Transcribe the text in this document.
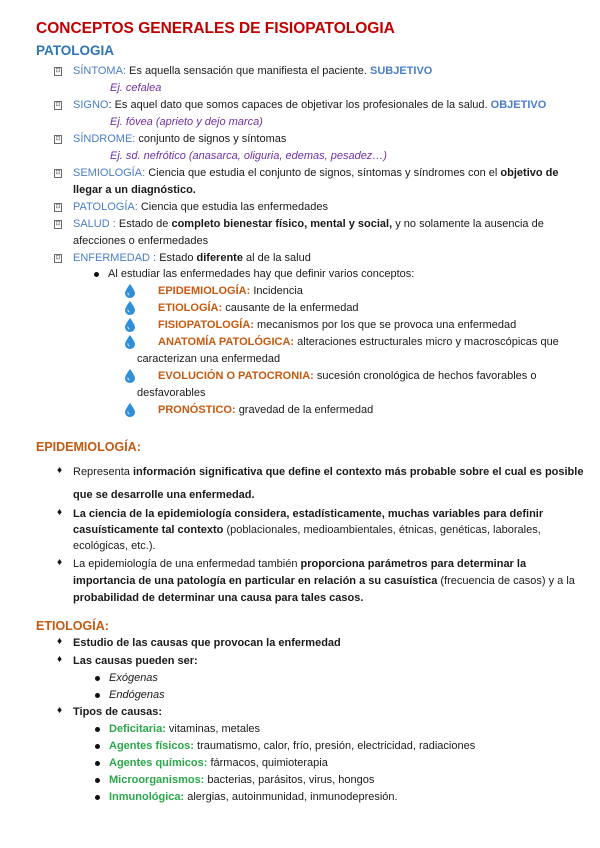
CONCEPTOS GENERALES DE FISIOPATOLOGIA
PATOLOGIA
⊡ SÍNTOMA: Es aquella sensación que manifiesta el paciente. SUBJETIVO
Ej. cefalea
⊡ SIGNO: Es aquel dato que somos capaces de objetivar los profesionales de la salud. OBJETIVO
Ej. fóvea (aprieto y dejo marca)
⊡ SÍNDROME: conjunto de signos y síntomas
Ej. sd. nefrótico (anasarca, oliguria, edemas, pesadez…)
⊡ SEMIOLOGÍA: Ciencia que estudia el conjunto de signos, síntomas y síndromes con el objetivo de
llegar a un diagnóstico.
⊡ PATOLOGÍA: Ciencia que estudia las enfermedades
⊡ SALUD : Estado de completo bienestar físico, mental y social, y no solamente la ausencia de
afecciones o enfermedades
⊡ ENFERMEDAD : Estado diferente al de la salud
Al estudiar las enfermedades hay que definir varios conceptos:
EPIDEMIOLOGÍA: Incidencia
ETIOLOGÍA: causante de la enfermedad
FISIOPATOLOGÍA: mecanismos por los que se provoca una enfermedad
ANATOMÍA PATOLÓGICA: alteraciones estructurales micro y macroscópicas que
caracterizan una enfermedad
EVOLUCIÓN O PATOCRONIA: sucesión cronológica de hechos favorables o
desfavorables
PRONÓSTICO: gravedad de la enfermedad
EPIDEMIOLOGÍA:
♦ Representa información significativa que define el contexto más probable sobre el cual es posible
que se desarrolle una enfermedad.
♦ La ciencia de la epidemiología considera, estadísticamente, muchas variables para definir
casuísticamente tal contexto (poblacionales, medioambientales, étnicas, genéticas, laborales,
ecológicas, etc.).
♦ La epidemiología de una enfermedad también proporciona parámetros para determinar la
importancia de una patología en particular en relación a su casuística (frecuencia de casos) y a la
probabilidad de determinar una causa para tales casos.
ETIOLOGÍA:
♦ Estudio de las causas que provocan la enfermedad
♦ Las causas pueden ser:
Exógenas
Endógenas
♦ Tipos de causas:
Deficitaria: vitaminas, metales
Agentes físicos: traumatismo, calor, frío, presión, electricidad, radiaciones
Agentes químicos: fármacos, quimioterapia
Microorganismos: bacterias, parásitos, virus, hongos
Inmunológica: alergias, autoinmunidad, inmunodepresión.
